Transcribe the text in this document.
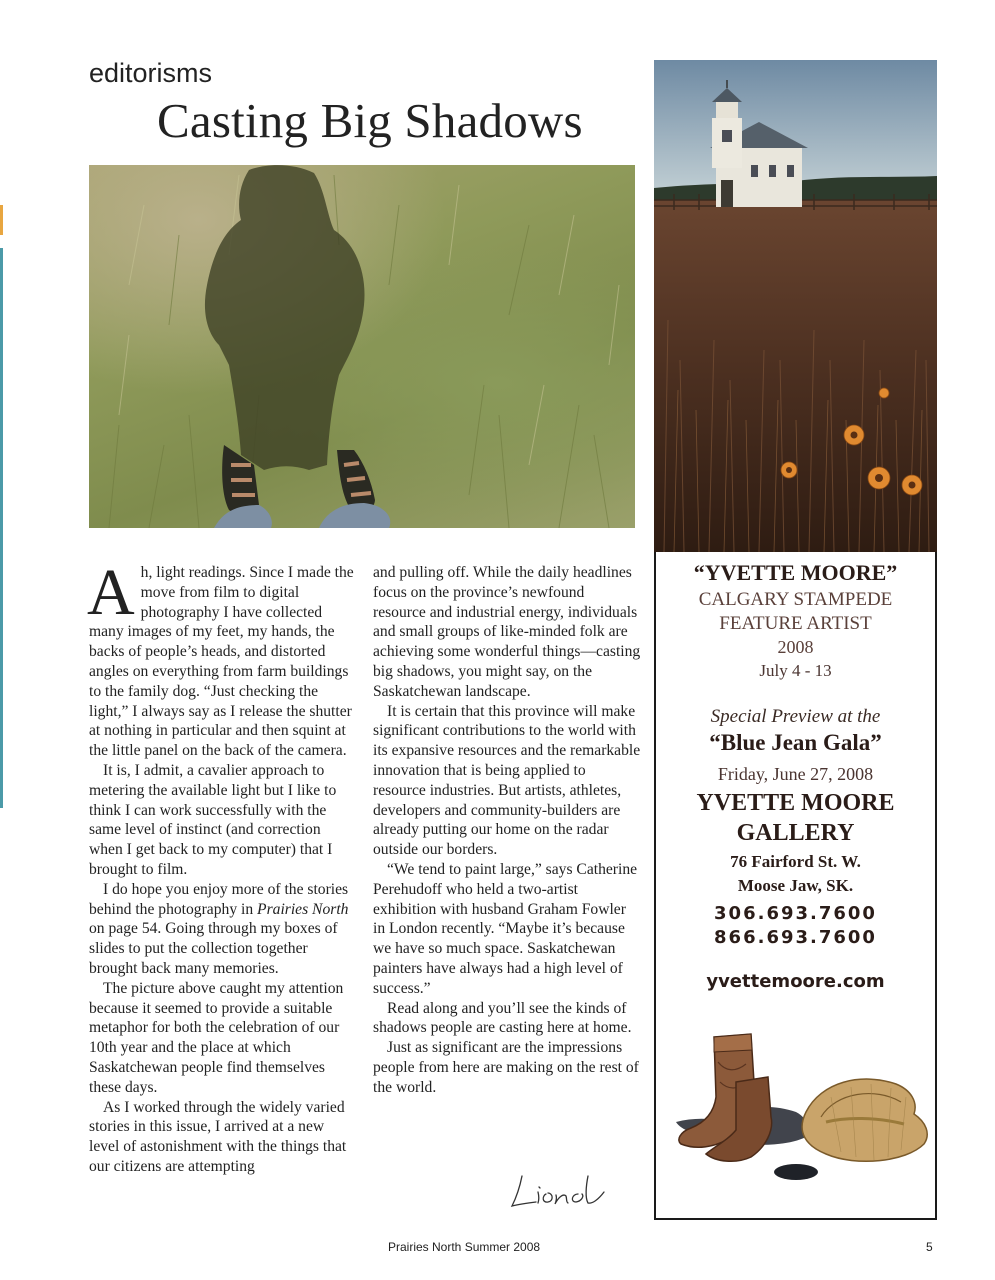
editorisms
Casting Big Shadows

Ah, light readings. Since I made the move from film to digital photography I have collected many images of my feet, my hands, the backs of people’s heads, and distorted angles on everything from farm buildings to the family dog. “Just checking the light,” I always say as I release the shutter at nothing in particular and then squint at the little panel on the back of the camera.

It is, I admit, a cavalier approach to metering the available light but I like to think I can work successfully with the same level of instinct (and correction when I get back to my computer) that I brought to film.

I do hope you enjoy more of the stories behind the photography in Prairies North on page 54. Going through my boxes of slides to put the collection together brought back many memories.

The picture above caught my attention because it seemed to provide a suitable metaphor for both the celebration of our 10th year and the place at which Saskatchewan people find themselves these days.

As I worked through the widely varied stories in this issue, I arrived at a new level of astonishment with the things that our citizens are attempting

and pulling off. While the daily headlines focus on the province’s newfound resource and industrial energy, individuals and small groups of like-minded folk are achieving some wonderful things—casting big shadows, you might say, on the Saskatchewan landscape.

It is certain that this province will make significant contributions to the world with its expansive resources and the remarkable innovation that is being applied to resource industries. But artists, athletes, developers and community-builders are already putting our home on the radar outside our borders.

“We tend to paint large,” says Catherine Perehudoff who held a two-artist exhibition with husband Graham Fowler in London recently. “Maybe it’s because we have so much space. Saskatchewan painters have always had a high level of success.”

Read along and you’ll see the kinds of shadows people are casting here at home.

Just as significant are the impressions people from here are making on the rest of the world.

“YVETTE MOORE”
CALGARY STAMPEDE
FEATURE ARTIST
2008
July 4 - 13
Special Preview at the
“Blue Jean Gala”
Friday, June 27, 2008
YVETTE MOORE
GALLERY
76 Fairford St. W.
Moose Jaw, SK.
306.693.7600
866.693.7600
yvettemoore.com
Prairies North Summer 2008	5
